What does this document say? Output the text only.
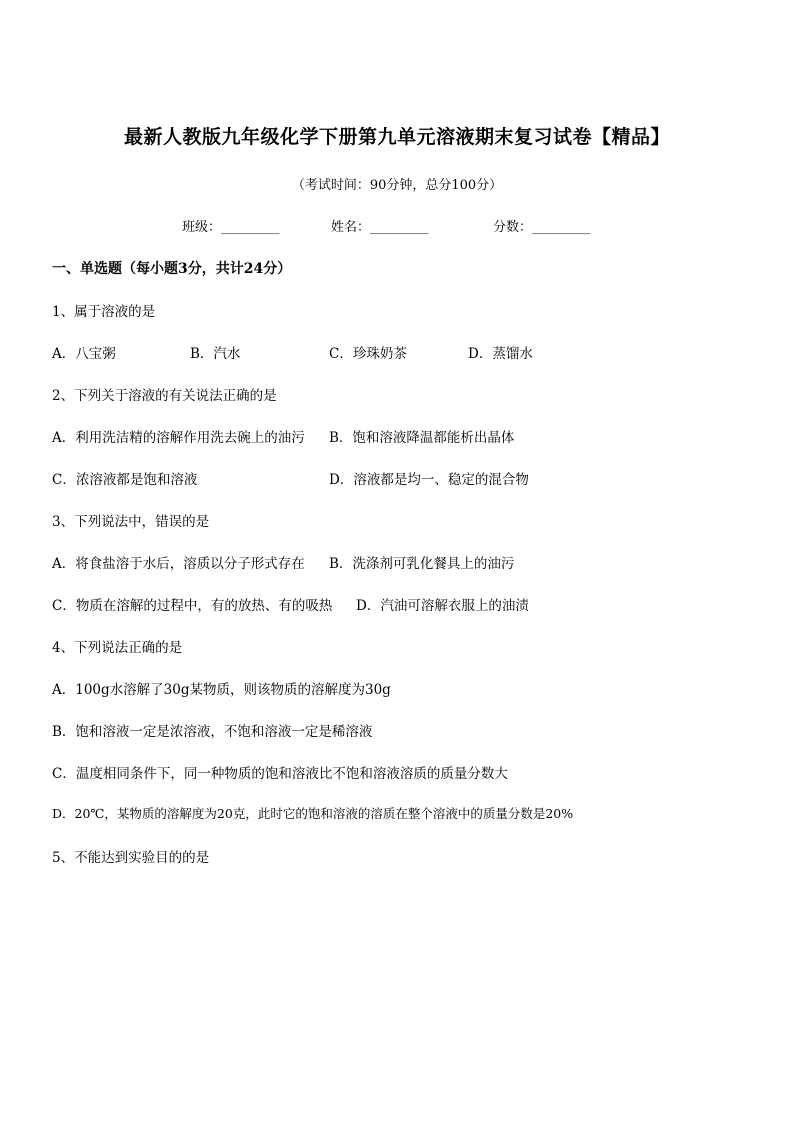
最新人教版九年级化学下册第九单元溶液期末复习试卷【精品】
（考试时间：90分钟，总分100分）
班级：_________	姓名：_________	分数：_________
一、单选题（每小题3分，共计24分）
1、属于溶液的是
A．八宝粥	B．汽水	C．珍珠奶茶	D．蒸馏水
2、下列关于溶液的有关说法正确的是
A．利用洗洁精的溶解作用洗去碗上的油污 B．饱和溶液降温都能析出晶体
C．浓溶液都是饱和溶液	D．溶液都是均一、稳定的混合物
3、下列说法中，错误的是
A．将食盐溶于水后，溶质以分子形式存在 B．洗涤剂可乳化餐具上的油污
C．物质在溶解的过程中，有的放热、有的吸热 D．汽油可溶解衣服上的油渍
4、下列说法正确的是
A．100g水溶解了30g某物质，则该物质的溶解度为30g
B．饱和溶液一定是浓溶液，不饱和溶液一定是稀溶液
C．温度相同条件下，同一种物质的饱和溶液比不饱和溶液溶质的质量分数大
D．20℃，某物质的溶解度为20克，此时它的饱和溶液的溶质在整个溶液中的质量分数是20%
5、不能达到实验目的的是
